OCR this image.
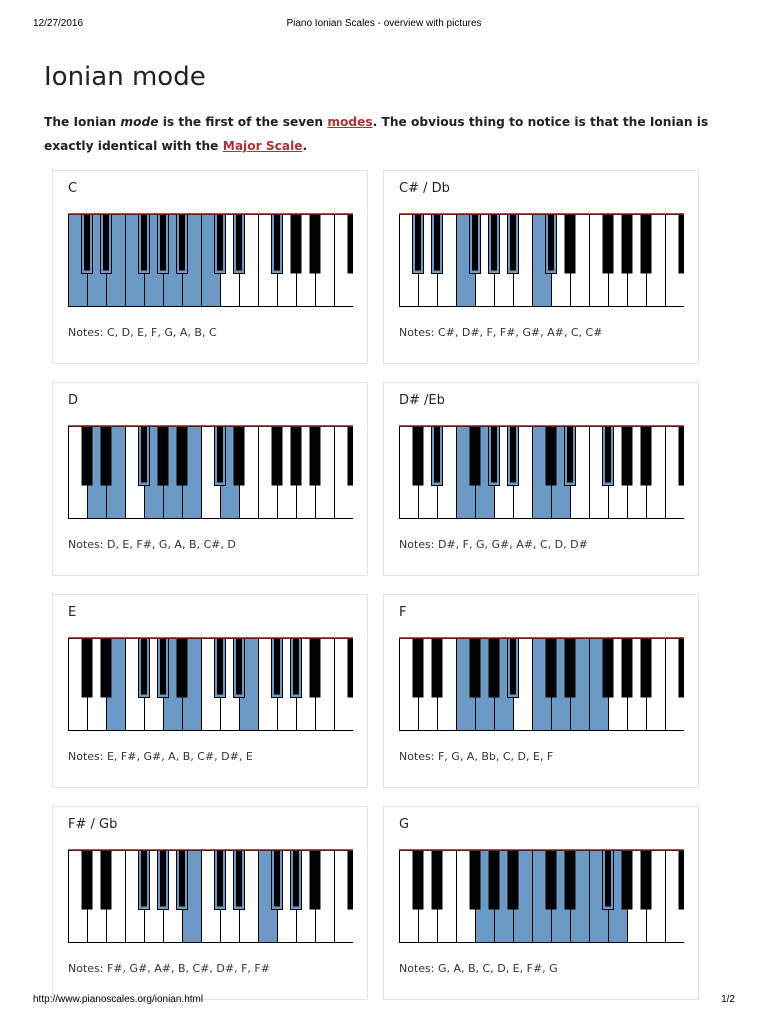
12/27/2016	Piano Ionian Scales - overview with pictures
Ionian mode

The Ionian mode is the first of the seven modes. The obvious thing to notice is that the Ionian is exactly identical with the Major Scale.

C
Notes: C, D, E, F, G, A, B, C
C# / Db
Notes: C#, D#, F, F#, G#, A#, C, C#
D
Notes: D, E, F#, G, A, B, C#, D
D# /Eb
Notes: D#, F, G, G#, A#, C, D, D#
E
Notes: E, F#, G#, A, B, C#, D#, E
F
Notes: F, G, A, Bb, C, D, E, F
F# / Gb
Notes: F#, G#, A#, B, C#, D#, F, F#
G
Notes: G, A, B, C, D, E, F#, G
http://www.pianoscales.org/ionian.html	1/2
